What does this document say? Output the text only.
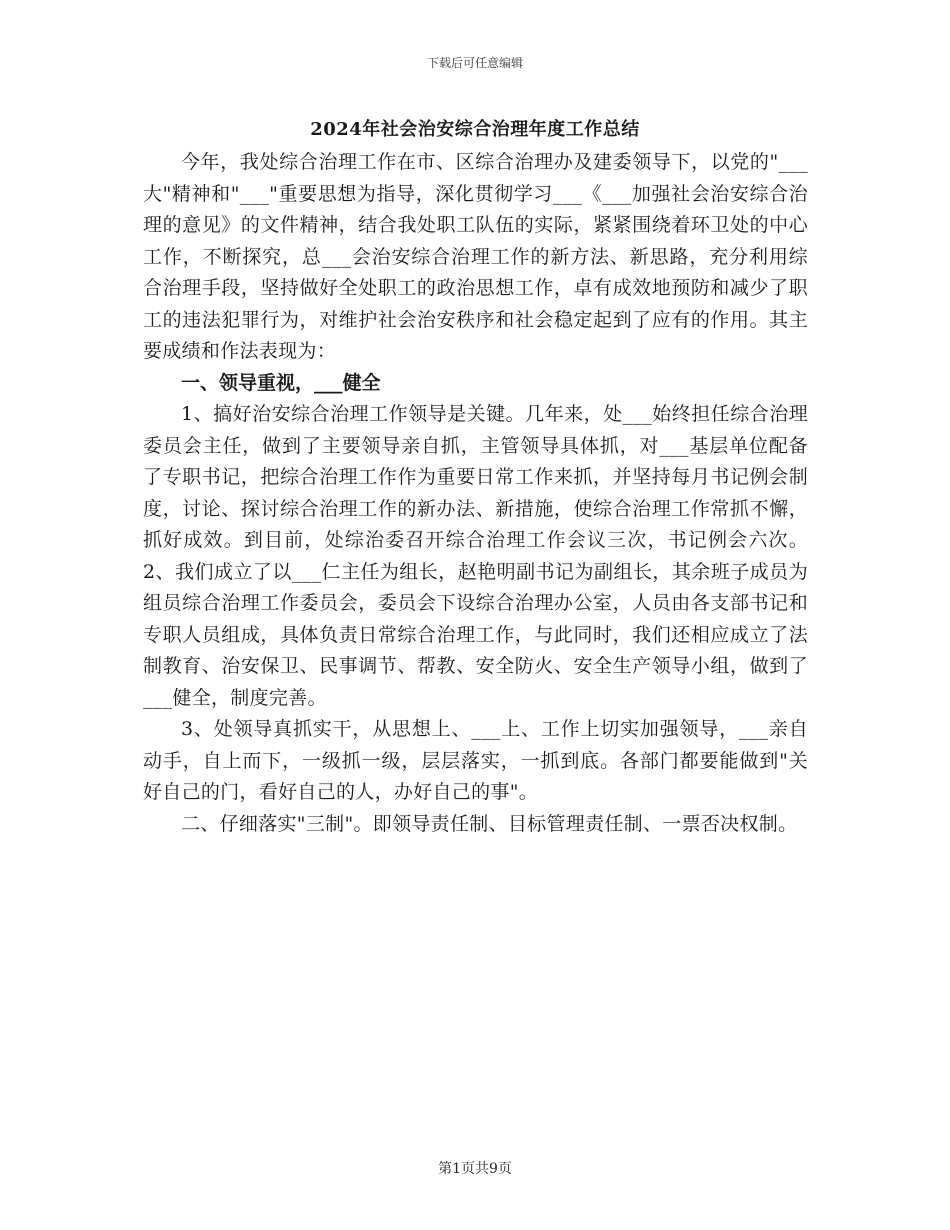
下载后可任意编辑
2024年社会治安综合治理年度工作总结

今年，我处综合治理工作在市、区综合治理办及建委领导下，以党的"___大"精神和"___"重要思想为指导，深化贯彻学习___《___加强社会治安综合治理的意见》的文件精神，结合我处职工队伍的实际，紧紧围绕着环卫处的中心工作，不断探究，总___会治安综合治理工作的新方法、新思路，充分利用综合治理手段，坚持做好全处职工的政治思想工作，卓有成效地预防和减少了职工的违法犯罪行为，对维护社会治安秩序和社会稳定起到了应有的作用。其主要成绩和作法表现为：

一、领导重视，___健全

1、搞好治安综合治理工作领导是关键。几年来，处___始终担任综合治理委员会主任，做到了主要领导亲自抓，主管领导具体抓，对___基层单位配备了专职书记，把综合治理工作作为重要日常工作来抓，并坚持每月书记例会制度，讨论、探讨综合治理工作的新办法、新措施，使综合治理工作常抓不懈，抓好成效。到目前，处综治委召开综合治理工作会议三次，书记例会六次。 2、我们成立了以___仁主任为组长，赵艳明副书记为副组长，其余班子成员为组员综合治理工作委员会，委员会下设综合治理办公室，人员由各支部书记和专职人员组成，具体负责日常综合治理工作，与此同时，我们还相应成立了法制教育、治安保卫、民事调节、帮教、安全防火、安全生产领导小组，做到了___健全，制度完善。

3、处领导真抓实干，从思想上、___上、工作上切实加强领导，___亲自动手，自上而下，一级抓一级，层层落实，一抓到底。各部门都要能做到"关好自己的门，看好自己的人，办好自己的事"。

二、仔细落实"三制"。即领导责任制、目标管理责任制、一票否决权制。

第1页共9页
